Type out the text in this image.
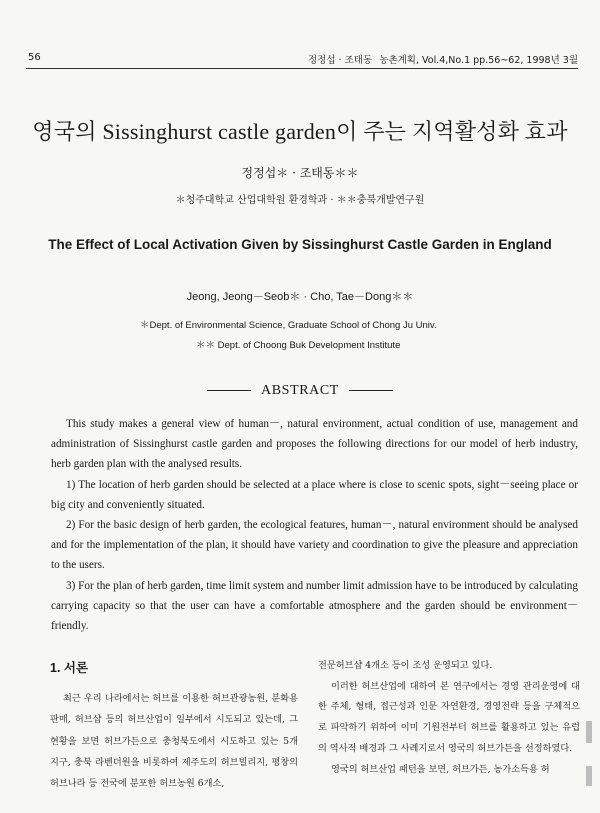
56	정정섭 · 조태동 농촌계획, Vol.4,No.1 pp.56~62, 1998년 3월
영국의 Sissinghurst castle garden이 주는 지역활성화 효과
정정섭＊ · 조태동＊＊
＊청주대학교 산업대학원 환경학과 · ＊＊충북개발연구원
The Effect of Local Activation Given by Sissinghurst Castle Garden in England
Jeong, Jeong－Seob＊ · Cho, Tae－Dong＊＊
＊Dept. of Environmental Science, Graduate School of Chong Ju Univ.
＊＊ Dept. of Choong Buk Development Institute
ABSTRACT

This study makes a general view of human－, natural environment, actual condition of use, management and administration of Sissinghurst castle garden and proposes the following directions for our model of herb industry, herb garden plan with the analysed results.

1) The location of herb garden should be selected at a place where is close to scenic spots, sight－seeing place or big city and conveniently situated.

2) For the basic design of herb garden, the ecological features, human－, natural environment should be analysed and for the implementation of the plan, it should have variety and coordination to give the pleasure and appreciation to the users.

3) For the plan of herb garden, time limit system and number limit admission have to be introduced by calculating carrying capacity so that the user can have a comfortable atmosphere and the garden should be environment－friendly.

1. 서론

최근 우리 나라에서는 허브를 이용한 허브관광농원, 분화용 판매, 허브샵 등의 허브산업이 일부에서 시도되고 있는데, 그 현황을 보면 허브가든으로 충청북도에서 시도하고 있는 5개 지구, 충북 라벤더원을 비롯하여 제주도의 허브빌리지, 평창의 허브나라 등 전국에 분포한 허브농원 6개소,

전문허브샵 4개소 등이 조성 운영되고 있다.

이러한 허브산업에 대하여 본 연구에서는 경영 관리운영에 대한 주체, 형태, 접근성과 인문 자연환경, 경영전략 등을 구체적으로 파악하기 위하여 이미 기원전부터 허브를 활용하고 있는 유럽의 역사적 배경과 그 사례지로서 영국의 허브가든을 선정하였다.

영국의 허브산업 패턴을 보면, 허브가든, 농가소득용 허
